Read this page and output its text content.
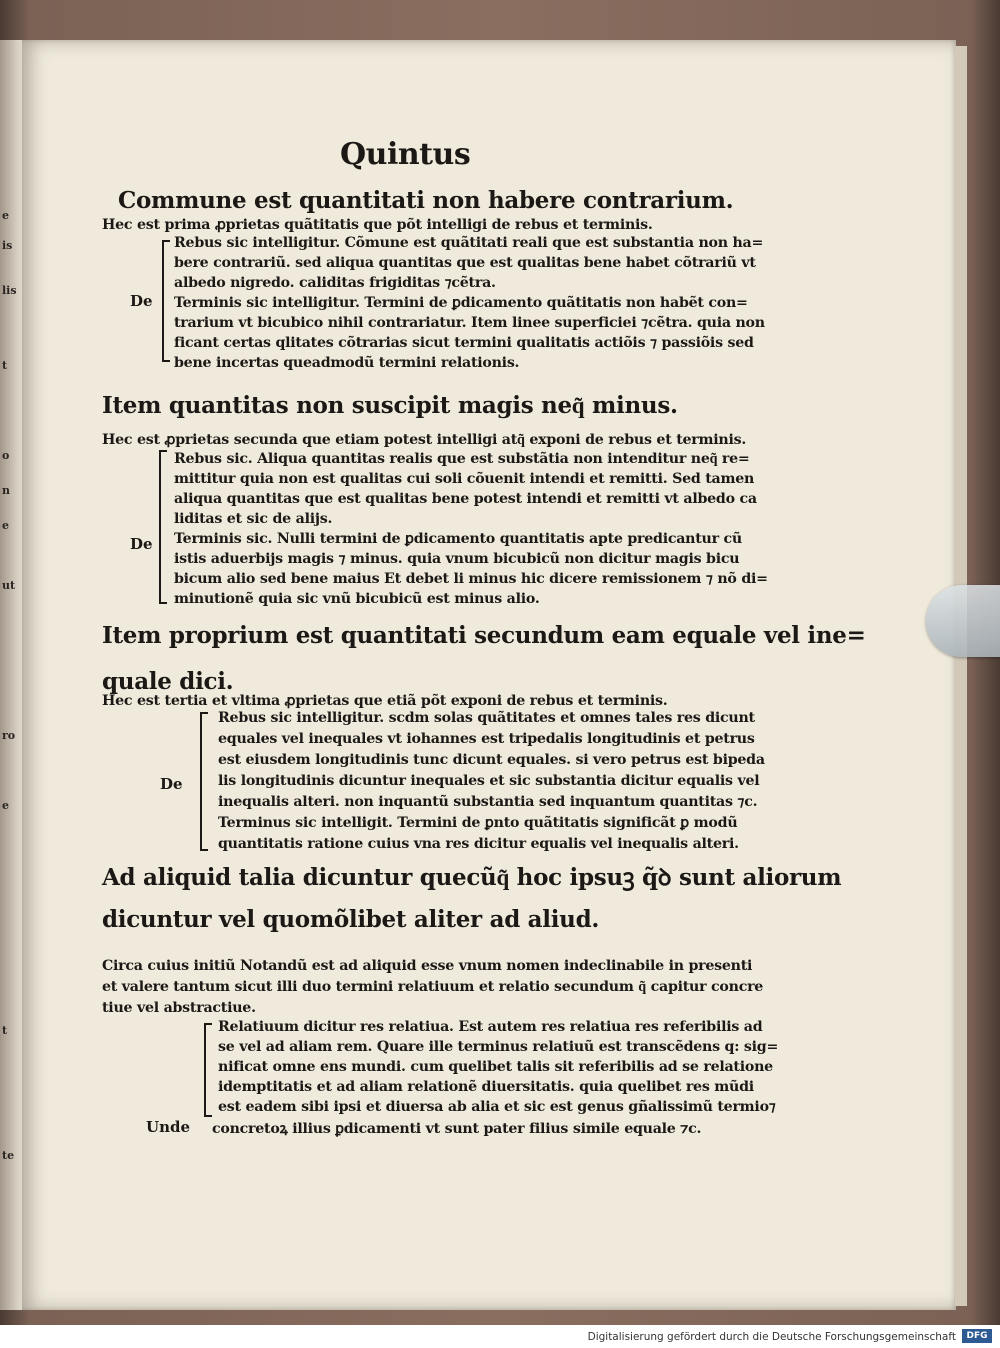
e
is
lis
t
o
n
e
ut
ro
e
t
te
Quintus
Commune est quantitati non habere contrarium.
Hec est prima ꝓprietas quãtitatis que põt intelligi de rebus et terminis.
De
Rebus sic intelligitur. Cõmune est quãtitati reali que est substantia non ha=
bere contrariũ. sed aliqua quantitas que est qualitas bene habet cõtrariũ vt
albedo nigredo. caliditas frigiditas ⁊cẽtra.
Terminis sic intelligitur. Termini de ꝑdicamento quãtitatis non habẽt con=
trarium vt bicubico nihil contrariatur. Item linee superficiei ⁊cẽtra. quia non
ficant certas qlitates cõtrarias sicut termini qualitatis actiõis ⁊ passiõis sed
bene incertas queadmodũ termini relationis.
Item quantitas non suscipit magis neq͂ minus.
Hec est ꝓprietas secunda que etiam potest intelligi atq͂ exponi de rebus et terminis.
De
Rebus sic. Aliqua quantitas realis que est substãtia non intenditur neq͂ re=
mittitur quia non est qualitas cui soli cõuenit intendi et remitti. Sed tamen
aliqua quantitas que est qualitas bene potest intendi et remitti vt albedo ca
liditas et sic de alijs.
Terminis sic. Nulli termini de ꝑdicamento quantitatis apte predicantur cũ
istis aduerbijs magis ⁊ minus. quia vnum bicubicũ non dicitur magis bicu
bicum alio sed bene maius Et debet li minus hic dicere remissionem ⁊ nõ di=
minutionẽ quia sic vnũ bicubicũ est minus alio.
Item proprium est quantitati secundum eam equale vel ine=
quale dici.
Hec est tertia et vltima ꝓprietas que etiã põt exponi de rebus et terminis.
De
Rebus sic intelligitur. scdm solas quãtitates et omnes tales res dicunt
equales vel inequales vt iohannes est tripedalis longitudinis et petrus
est eiusdem longitudinis tunc dicunt equales. si vero petrus est bipeda
lis longitudinis dicuntur inequales et sic substantia dicitur equalis vel
inequalis alteri. non inquantũ substantia sed inquantum quantitas ⁊c.
Terminus sic intelligit. Termini de ꝑnto quãtitatis significãt ꝑ modũ
quantitatis ratione cuius vna res dicitur equalis vel inequalis alteri.
Ad aliquid talia dicuntur quecũq͂ hoc ipsuꝫ q̃ꝺ sunt aliorum
dicuntur vel quomõlibet aliter ad aliud.
Circa cuius initiũ Notandũ est ad aliquid esse vnum nomen indeclinabile in presenti
et valere tantum sicut illi duo termini relatiuum et relatio secundum q͂ capitur concre
tiue vel abstractiue.
Relatiuum dicitur res relatiua. Est autem res relatiua res referibilis ad
se vel ad aliam rem. Quare ille terminus relatiuũ est transcẽdens q: sig=
nificat omne ens mundi. cum quelibet talis sit referibilis ad se relatione
idemptitatis et ad aliam relationẽ diuersitatis. quia quelibet res mũdi
est eadem sibi ipsi et diuersa ab alia et sic est genus gñalissimũ termio⁊
Unde concretoꝝ illius ꝑdicamenti vt sunt pater filius simile equale ⁊c.
Digitalisierung gefördert durch die Deutsche Forschungsgemeinschaft	DFG
